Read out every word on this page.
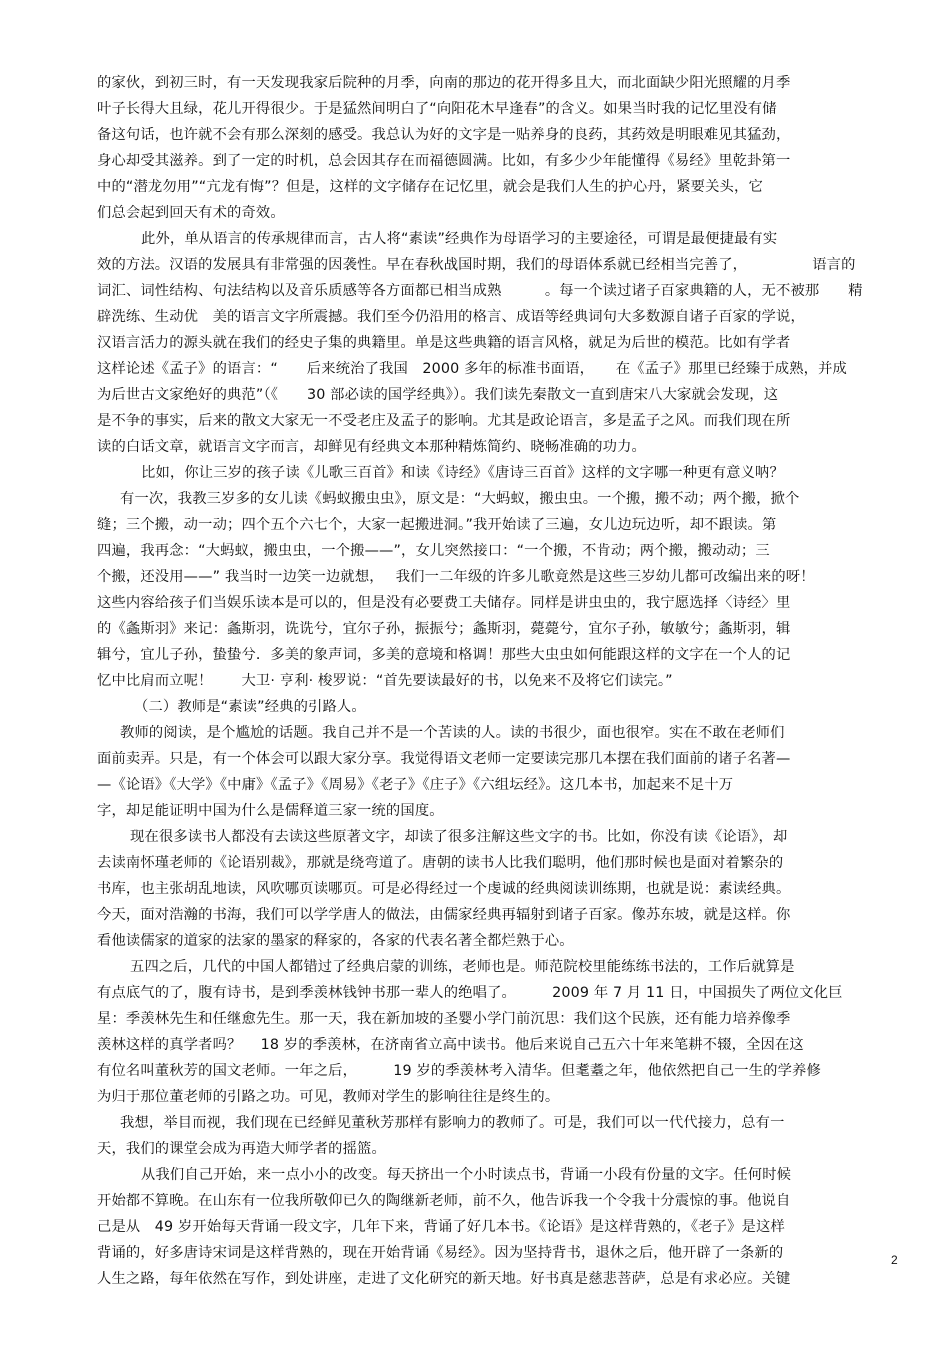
的家伙，到初三时，有一天发现我家后院种的月季，向南的那边的花开得多且大，而北面缺少阳光照耀的月季

叶子长得大且绿，花儿开得很少。于是猛然间明白了“向阳花木早逢春”的含义。如果当时我的记忆里没有储

备这句话，也许就不会有那么深刻的感受。我总认为好的文字是一贴养身的良药，其药效是明眼难见其猛劲，

身心却受其滋养。到了一定的时机，总会因其存在而福德圆满。比如，有多少少年能懂得《易经》里乾卦第一

中的“潜龙勿用”“亢龙有悔”？但是，这样的文字储存在记忆里，就会是我们人生的护心丹，紧要关头，它

们总会起到回天有术的奇效。

此外，单从语言的传承规律而言，古人将“素读”经典作为母语学习的主要途径，可谓是最便捷最有实

效的方法。汉语的发展具有非常强的因袭性。早在春秋战国时期，我们的母语体系就已经相当完善了，　　　　　语言的

词汇、词性结构、句法结构以及音乐质感等各方面都已相当成熟　　　。每一个读过诸子百家典籍的人，无不被那　　精

辟洗练、生动优　美的语言文字所震撼。我们至今仍沿用的格言、成语等经典词句大多数源自诸子百家的学说，

汉语言活力的源头就在我们的经史子集的典籍里。单是这些典籍的语言风格，就足为后世的模范。比如有学者

这样论述《孟子》的语言：“　　后来统治了我国　2000 多年的标准书面语，　　在《孟子》那里已经臻于成熟，并成

为后世古文家绝好的典范”（《　　30 部必读的国学经典》）。我们读先秦散文一直到唐宋八大家就会发现，这

是不争的事实，后来的散文大家无一不受老庄及孟子的影响。尤其是政论语言，多是孟子之风。而我们现在所

读的白话文章，就语言文字而言，却鲜见有经典文本那种精炼简约、晓畅准确的功力。

比如，你让三岁的孩子读《儿歌三百首》和读《诗经》《唐诗三百首》这样的文字哪一种更有意义呐？

有一次，我教三岁多的女儿读《蚂蚁搬虫虫》，原文是：“大蚂蚁，搬虫虫。一个搬，搬不动；两个搬，掀个

缝；三个搬，动一动；四个五个六七个，大家一起搬进洞。”我开始读了三遍，女儿边玩边听，却不跟读。第

四遍，我再念：“大蚂蚁，搬虫虫，一个搬——”，女儿突然接口：“一个搬，不肯动；两个搬，搬动动；三

个搬，还没用——” 我当时一边笑一边就想，　 我们一二年级的许多儿歌竟然是这些三岁幼儿都可改编出来的呀！

这些内容给孩子们当娱乐读本是可以的，但是没有必要费工夫储存。同样是讲虫虫的，我宁愿选择〈诗经〉里

的《螽斯羽》来记：螽斯羽，诜诜兮，宜尔子孙，振振兮；螽斯羽，薨薨兮，宜尔子孙，敏敏兮；螽斯羽，辑

辑兮，宜儿子孙，蛰蛰兮．多美的象声词，多美的意境和格调！那些大虫虫如何能跟这样的文字在一个人的记

忆中比肩而立呢！　　大卫· 亨利· 梭罗说：“首先要读最好的书，以免来不及将它们读完。”

（二）教师是“素读”经典的引路人。

教师的阅读，是个尴尬的话题。我自己并不是一个苦读的人。读的书很少，面也很窄。实在不敢在老师们

面前卖弄。只是，有一个体会可以跟大家分享。我觉得语文老师一定要读完那几本摆在我们面前的诸子名著—

—《论语》《大学》《中庸》《孟子》《周易》《老子》《庄子》《六组坛经》。这几本书，加起来不足十万

字，却足能证明中国为什么是儒释道三家一统的国度。

现在很多读书人都没有去读这些原著文字，却读了很多注解这些文字的书。比如，你没有读《论语》，却

去读南怀瑾老师的《论语别裁》，那就是绕弯道了。唐朝的读书人比我们聪明，他们那时候也是面对着繁杂的

书库，也主张胡乱地读，风吹哪页读哪页。可是必得经过一个虔诚的经典阅读训练期，也就是说：素读经典。

今天，面对浩瀚的书海，我们可以学学唐人的做法，由儒家经典再辐射到诸子百家。像苏东坡，就是这样。你

看他读儒家的道家的法家的墨家的释家的，各家的代表名著全都烂熟于心。

五四之后，几代的中国人都错过了经典启蒙的训练，老师也是。师范院校里能练练书法的，工作后就算是

有点底气的了，腹有诗书，是到季羡林钱钟书那一辈人的绝唱了。　　　2009 年 7 月 11 日，中国损失了两位文化巨

星：季羡林先生和任继愈先生。那一天，我在新加坡的圣婴小学门前沉思：我们这个民族，还有能力培养像季

羡林这样的真学者吗？　 18 岁的季羡林，在济南省立高中读书。他后来说自己五六十年来笔耕不辍，全因在这

有位名叫董秋芳的国文老师。一年之后，　　　19 岁的季羡林考入清华。但耄耋之年，他依然把自己一生的学养修

为归于那位董老师的引路之功。可见，教师对学生的影响往往是终生的。

我想，举目而视，我们现在已经鲜见董秋芳那样有影响力的教师了。可是，我们可以一代代接力，总有一

天，我们的课堂会成为再造大师学者的摇篮。

从我们自己开始，来一点小小的改变。每天挤出一个小时读点书，背诵一小段有份量的文字。任何时候

开始都不算晚。在山东有一位我所敬仰已久的陶继新老师，前不久，他告诉我一个令我十分震惊的事。他说自

己是从　49 岁开始每天背诵一段文字，几年下来，背诵了好几本书。《论语》是这样背熟的，《老子》是这样

背诵的，好多唐诗宋词是这样背熟的，现在开始背诵《易经》。因为坚持背书，退休之后，他开辟了一条新的

人生之路，每年依然在写作，到处讲座，走进了文化研究的新天地。好书真是慈悲菩萨，总是有求必应。关键

2
